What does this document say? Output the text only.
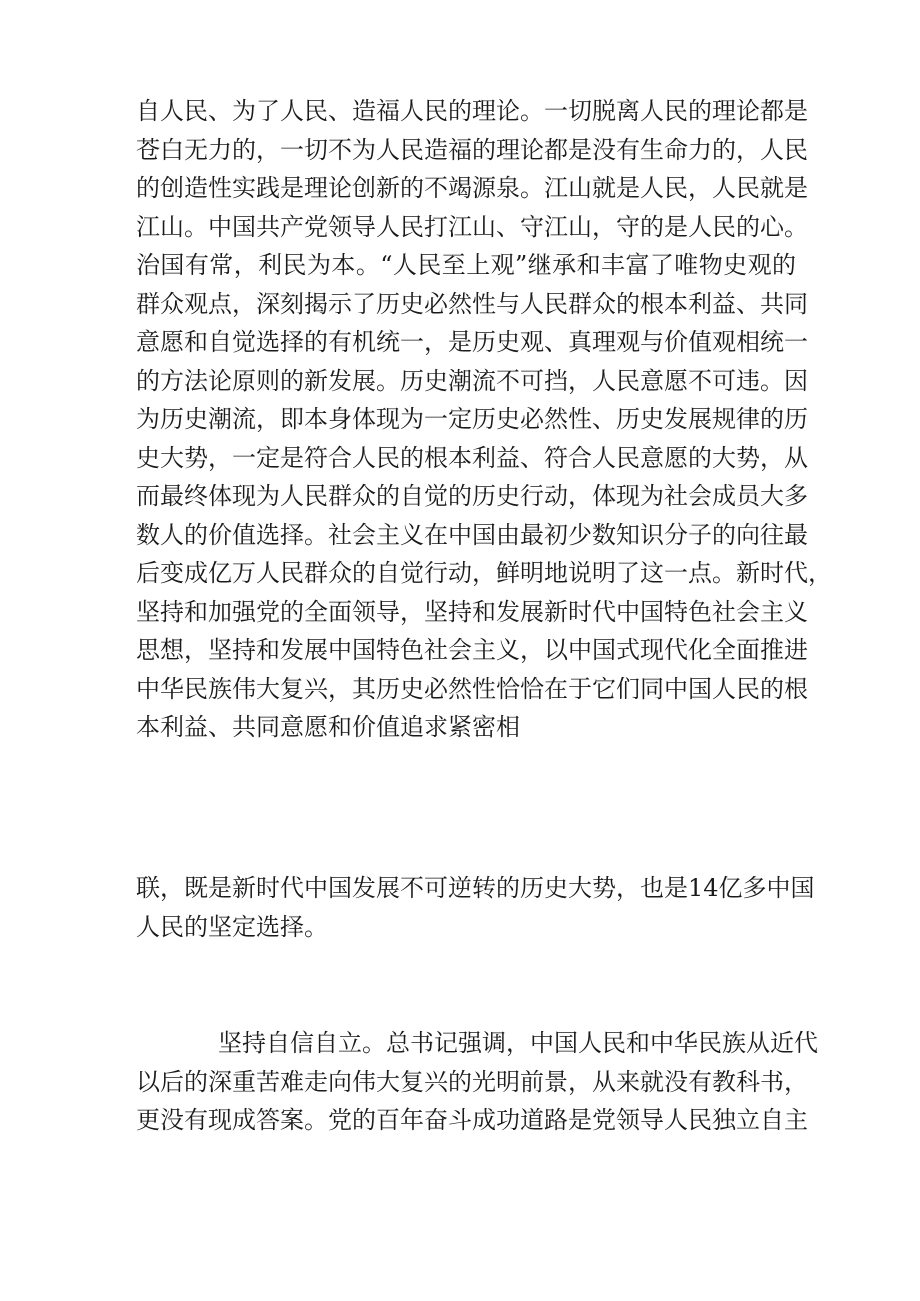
自人民、为了人民、造福人民的理论。一切脱离人民的理论都是
苍白无力的，一切不为人民造福的理论都是没有生命力的，人民
的创造性实践是理论创新的不竭源泉。江山就是人民，人民就是
江山。中国共产党领导人民打江山、守江山，守的是人民的心。
治国有常，利民为本。“人民至上观”继承和丰富了唯物史观的
群众观点，深刻揭示了历史必然性与人民群众的根本利益、共同
意愿和自觉选择的有机统一，是历史观、真理观与价值观相统一
的方法论原则的新发展。历史潮流不可挡，人民意愿不可违。因
为历史潮流，即本身体现为一定历史必然性、历史发展规律的历
史大势，一定是符合人民的根本利益、符合人民意愿的大势，从
而最终体现为人民群众的自觉的历史行动，体现为社会成员大多
数人的价值选择。社会主义在中国由最初少数知识分子的向往最
后变成亿万人民群众的自觉行动，鲜明地说明了这一点。新时代，
坚持和加强党的全面领导，坚持和发展新时代中国特色社会主义
思想，坚持和发展中国特色社会主义，以中国式现代化全面推进
中华民族伟大复兴，其历史必然性恰恰在于它们同中国人民的根
本利益、共同意愿和价值追求紧密相
联，既是新时代中国发展不可逆转的历史大势，也是14亿多中国
人民的坚定选择。
坚持自信自立。总书记强调，中国人民和中华民族从近代
以后的深重苦难走向伟大复兴的光明前景，从来就没有教科书，
更没有现成答案。党的百年奋斗成功道路是党领导人民独立自主
